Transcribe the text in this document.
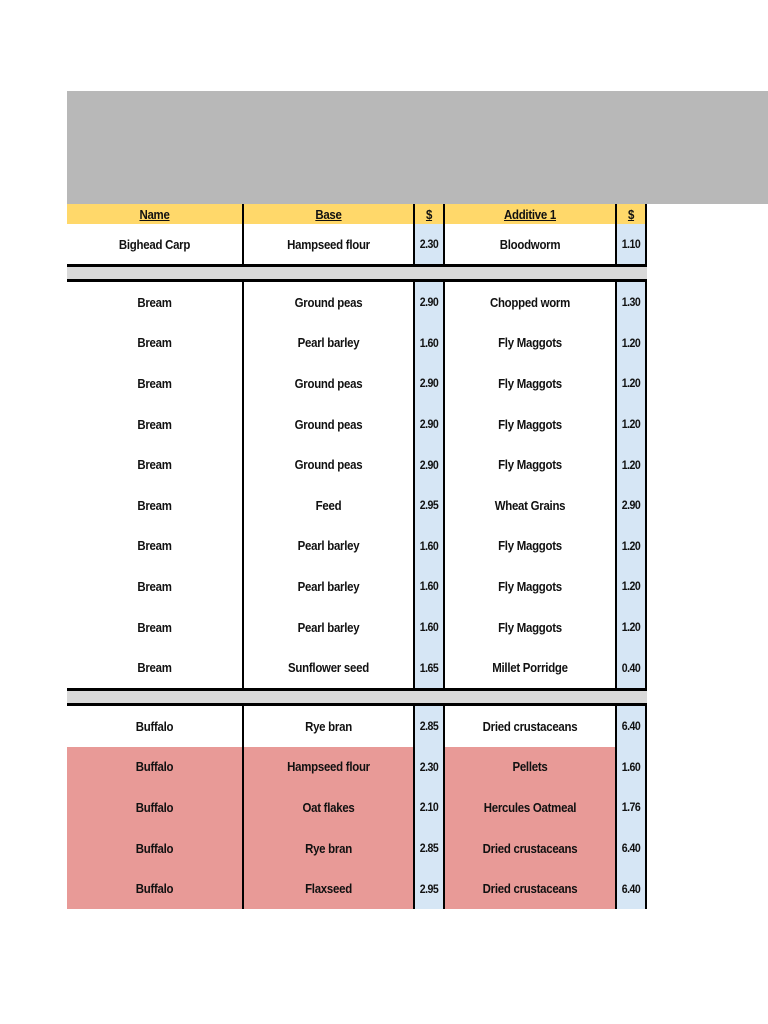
Name	Base	$	Additive 1	$
Bighead Carp	Hampseed flour	2.30	Bloodworm	1.10
Bream	Ground peas	2.90	Chopped worm	1.30
Bream	Pearl barley	1.60	Fly Maggots	1.20
Bream	Ground peas	2.90	Fly Maggots	1.20
Bream	Ground peas	2.90	Fly Maggots	1.20
Bream	Ground peas	2.90	Fly Maggots	1.20
Bream	Feed	2.95	Wheat Grains	2.90
Bream	Pearl barley	1.60	Fly Maggots	1.20
Bream	Pearl barley	1.60	Fly Maggots	1.20
Bream	Pearl barley	1.60	Fly Maggots	1.20
Bream	Sunflower seed	1.65	Millet Porridge	0.40
Buffalo	Rye bran	2.85	Dried crustaceans	6.40
Buffalo	Hampseed flour	2.30	Pellets	1.60
Buffalo	Oat flakes	2.10	Hercules Oatmeal	1.76
Buffalo	Rye bran	2.85	Dried crustaceans	6.40
Buffalo	Flaxseed	2.95	Dried crustaceans	6.40
